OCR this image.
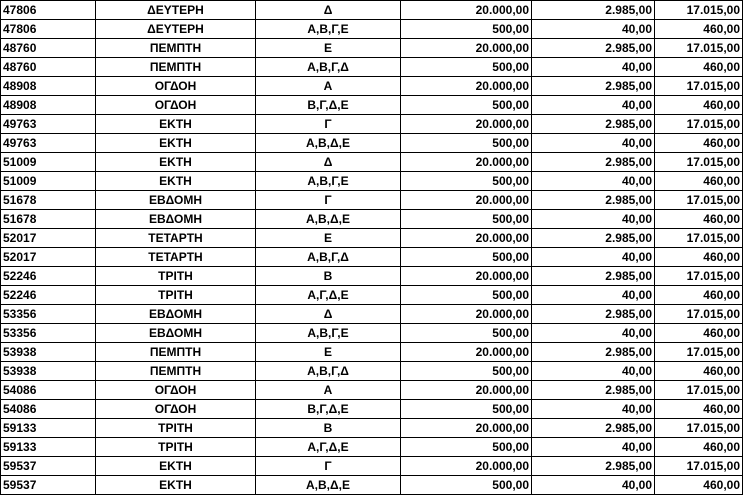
47806	ΔΕΥΤΕΡΗ	Δ	20.000,00	2.985,00	17.015,00
47806	ΔΕΥΤΕΡΗ	Α,Β,Γ,Ε	500,00	40,00	460,00
48760	ΠΕΜΠΤΗ	Ε	20.000,00	2.985,00	17.015,00
48760	ΠΕΜΠΤΗ	Α,Β,Γ,Δ	500,00	40,00	460,00
48908	ΟΓΔΟΗ	Α	20.000,00	2.985,00	17.015,00
48908	ΟΓΔΟΗ	Β,Γ,Δ,Ε	500,00	40,00	460,00
49763	ΕΚΤΗ	Γ	20.000,00	2.985,00	17.015,00
49763	ΕΚΤΗ	Α,Β,Δ,Ε	500,00	40,00	460,00
51009	ΕΚΤΗ	Δ	20.000,00	2.985,00	17.015,00
51009	ΕΚΤΗ	Α,Β,Γ,Ε	500,00	40,00	460,00
51678	ΕΒΔΟΜΗ	Γ	20.000,00	2.985,00	17.015,00
51678	ΕΒΔΟΜΗ	Α,Β,Δ,Ε	500,00	40,00	460,00
52017	ΤΕΤΑΡΤΗ	Ε	20.000,00	2.985,00	17.015,00
52017	ΤΕΤΑΡΤΗ	Α,Β,Γ,Δ	500,00	40,00	460,00
52246	ΤΡΙΤΗ	Β	20.000,00	2.985,00	17.015,00
52246	ΤΡΙΤΗ	Α,Γ,Δ,Ε	500,00	40,00	460,00
53356	ΕΒΔΟΜΗ	Δ	20.000,00	2.985,00	17.015,00
53356	ΕΒΔΟΜΗ	Α,Β,Γ,Ε	500,00	40,00	460,00
53938	ΠΕΜΠΤΗ	Ε	20.000,00	2.985,00	17.015,00
53938	ΠΕΜΠΤΗ	Α,Β,Γ,Δ	500,00	40,00	460,00
54086	ΟΓΔΟΗ	Α	20.000,00	2.985,00	17.015,00
54086	ΟΓΔΟΗ	Β,Γ,Δ,Ε	500,00	40,00	460,00
59133	ΤΡΙΤΗ	Β	20.000,00	2.985,00	17.015,00
59133	ΤΡΙΤΗ	Α,Γ,Δ,Ε	500,00	40,00	460,00
59537	ΕΚΤΗ	Γ	20.000,00	2.985,00	17.015,00
59537	ΕΚΤΗ	Α,Β,Δ,Ε	500,00	40,00	460,00
